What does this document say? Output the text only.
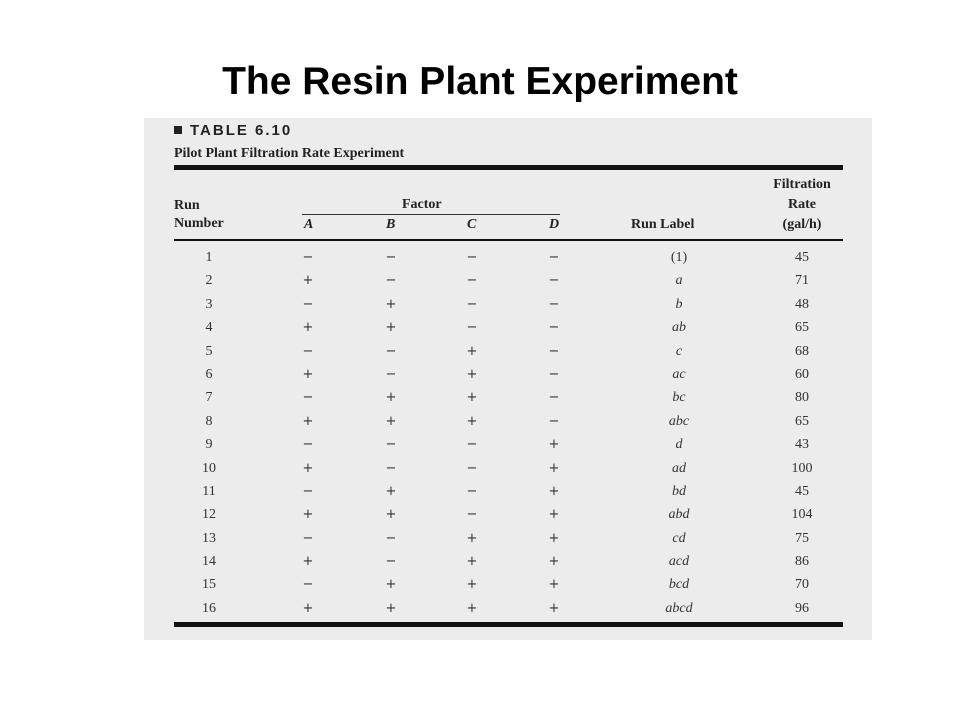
The Resin Plant Experiment
TABLE 6.10
Pilot Plant Filtration Rate Experiment
Run
Number
Factor
A	B	C	D	Run Label
Filtration
Rate
(gal/h)
1	−	−	−	−	(1)	45
2	+	−	−	−	a	71
3	−	+	−	−	b	48
4	+	+	−	−	ab	65
5	−	−	+	−	c	68
6	+	−	+	−	ac	60
7	−	+	+	−	bc	80
8	+	+	+	−	abc	65
9	−	−	−	+	d	43
10	+	−	−	+	ad	100
11	−	+	−	+	bd	45
12	+	+	−	+	abd	104
13	−	−	+	+	cd	75
14	+	−	+	+	acd	86
15	−	+	+	+	bcd	70
16	+	+	+	+	abcd	96
